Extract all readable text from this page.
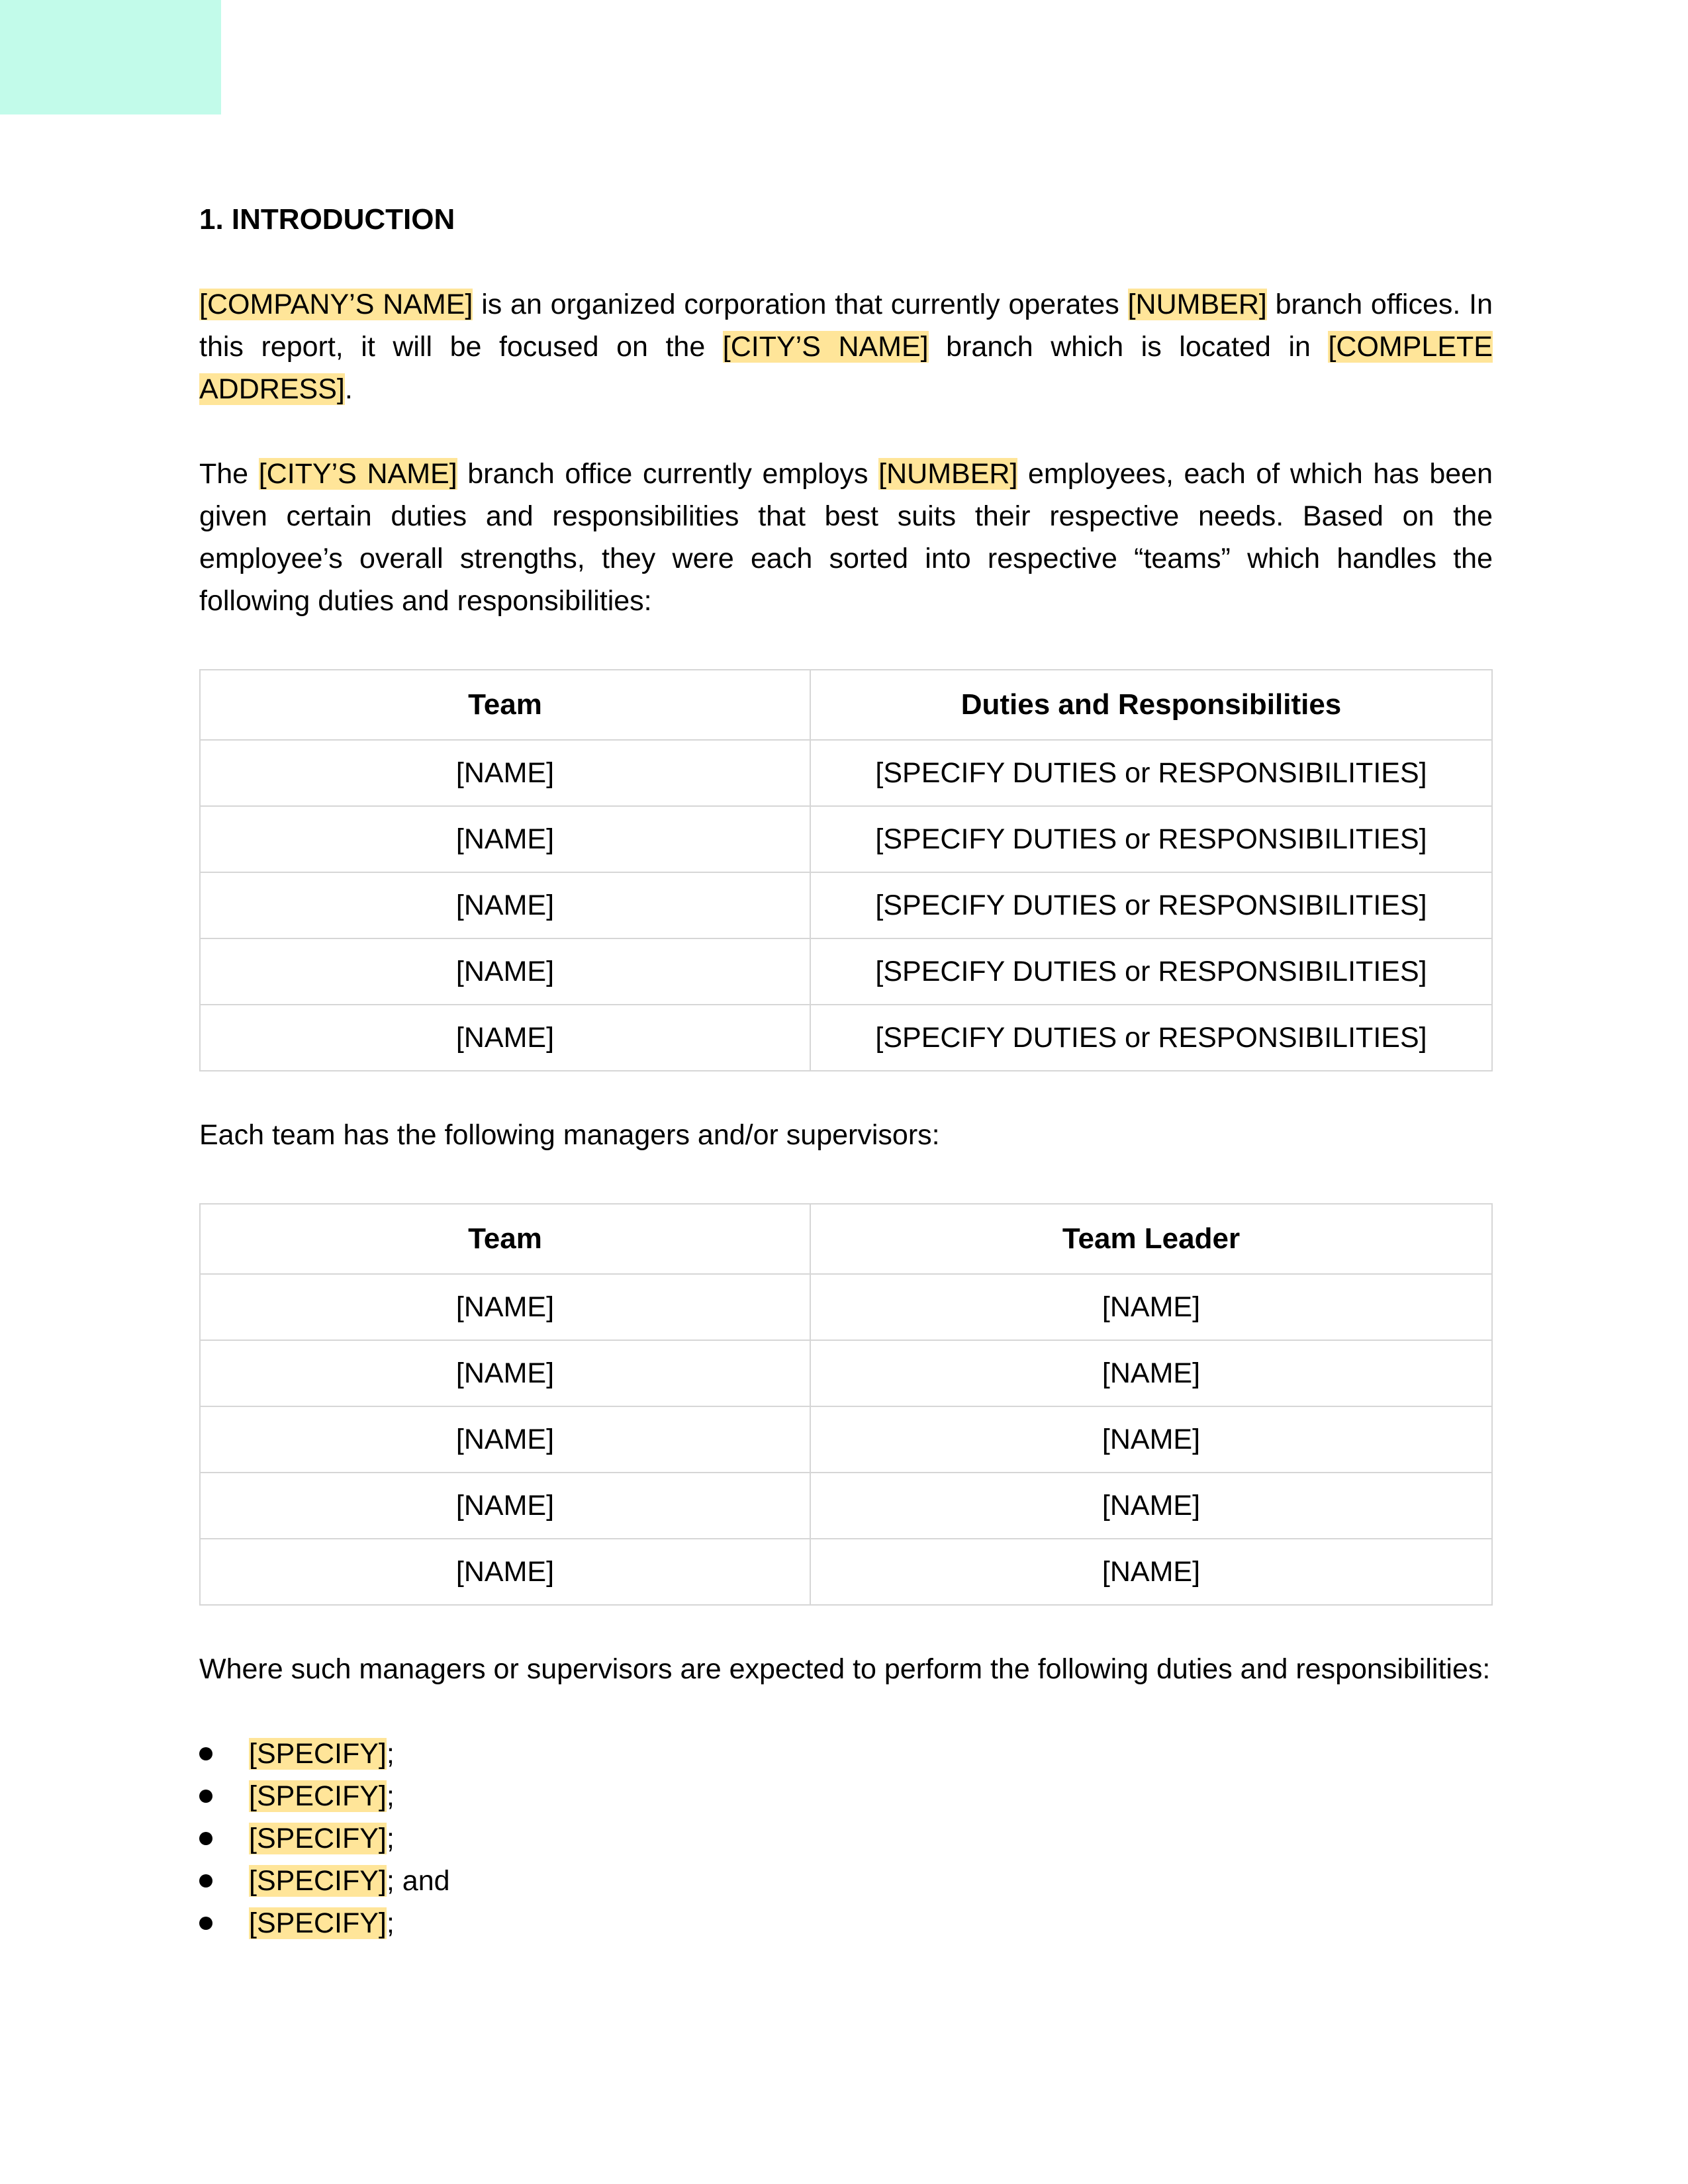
1. INTRODUCTION

[COMPANY’S NAME] is an organized corporation that currently operates [NUMBER] branch offices. In this report, it will be focused on the [CITY’S NAME] branch which is located in [COMPLETE ADDRESS].

The [CITY’S NAME] branch office currently employs [NUMBER] employees, each of which has been given certain duties and responsibilities that best suits their respective needs. Based on the employee’s overall strengths, they were each sorted into respective “teams” which handles the following duties and responsibilities:

Team	Duties and Responsibilities
[NAME]	[SPECIFY DUTIES or RESPONSIBILITIES]
[NAME]	[SPECIFY DUTIES or RESPONSIBILITIES]
[NAME]	[SPECIFY DUTIES or RESPONSIBILITIES]
[NAME]	[SPECIFY DUTIES or RESPONSIBILITIES]
[NAME]	[SPECIFY DUTIES or RESPONSIBILITIES]

Each team has the following managers and/or supervisors:

Team	Team Leader
[NAME]	[NAME]
[NAME]	[NAME]
[NAME]	[NAME]
[NAME]	[NAME]
[NAME]	[NAME]

Where such managers or supervisors are expected to perform the following duties and responsibilities:

[SPECIFY];
[SPECIFY];
[SPECIFY];
[SPECIFY]; and
[SPECIFY];
